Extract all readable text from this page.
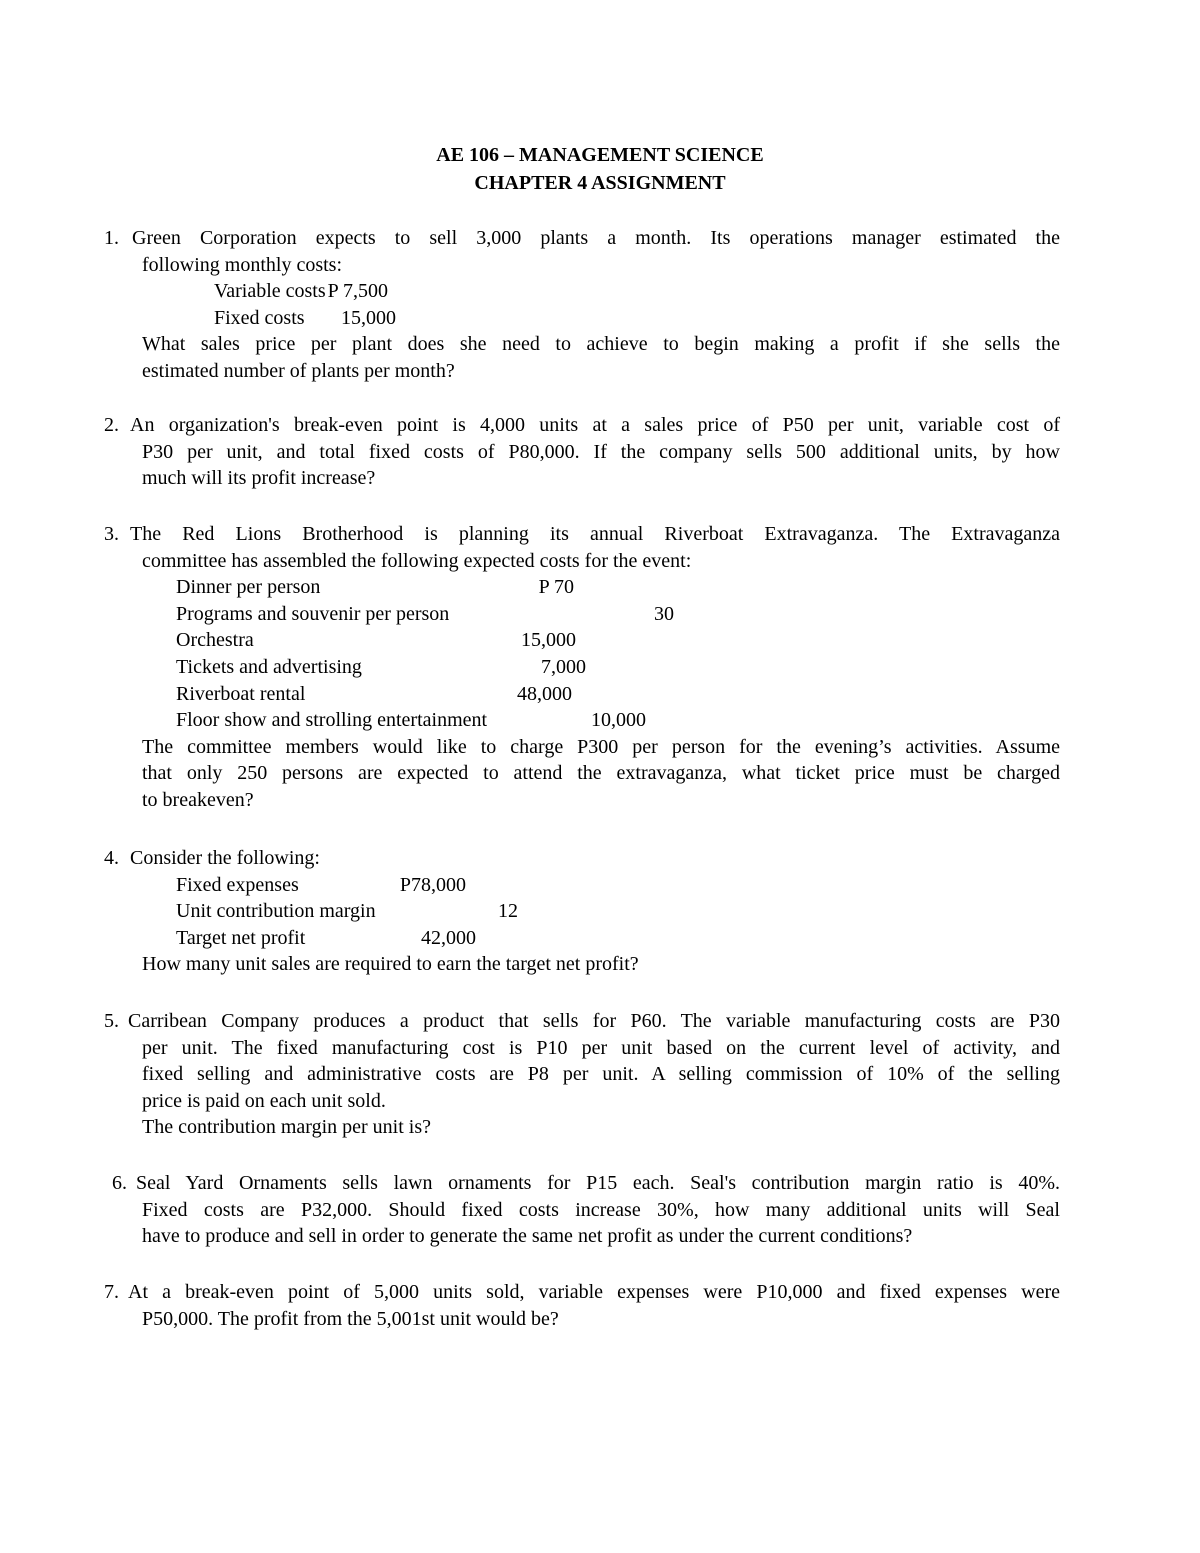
AE 106 – MANAGEMENT SCIENCE
CHAPTER 4 ASSIGNMENT
1. Green Corporation expects to sell 3,000 plants a month. Its operations manager estimated the
following monthly costs:
Variable costs P 7,500
Fixed costs 15,000
What sales price per plant does she need to achieve to begin making a profit if she sells the
estimated number of plants per month?
2. An organization's break-even point is 4,000 units at a sales price of P50 per unit, variable cost of
P30 per unit, and total fixed costs of P80,000. If the company sells 500 additional units, by how
much will its profit increase?
3. The Red Lions Brotherhood is planning its annual Riverboat Extravaganza. The Extravaganza
committee has assembled the following expected costs for the event:
Dinner per person	P 70
Programs and souvenir per person	30
Orchestra	15,000
Tickets and advertising	7,000
Riverboat rental	48,000
Floor show and strolling entertainment	10,000
The committee members would like to charge P300 per person for the evening’s activities. Assume
that only 250 persons are expected to attend the extravaganza, what ticket price must be charged
to breakeven?
4. Consider the following:
Fixed expenses	P78,000
Unit contribution margin	12
Target net profit	42,000
How many unit sales are required to earn the target net profit?
5. Carribean Company produces a product that sells for P60. The variable manufacturing costs are P30
per unit. The fixed manufacturing cost is P10 per unit based on the current level of activity, and
fixed selling and administrative costs are P8 per unit. A selling commission of 10% of the selling
price is paid on each unit sold.
The contribution margin per unit is?
6. Seal Yard Ornaments sells lawn ornaments for P15 each. Seal's contribution margin ratio is 40%.
Fixed costs are P32,000. Should fixed costs increase 30%, how many additional units will Seal
have to produce and sell in order to generate the same net profit as under the current conditions?
7. At a break-even point of 5,000 units sold, variable expenses were P10,000 and fixed expenses were
P50,000. The profit from the 5,001st unit would be?
